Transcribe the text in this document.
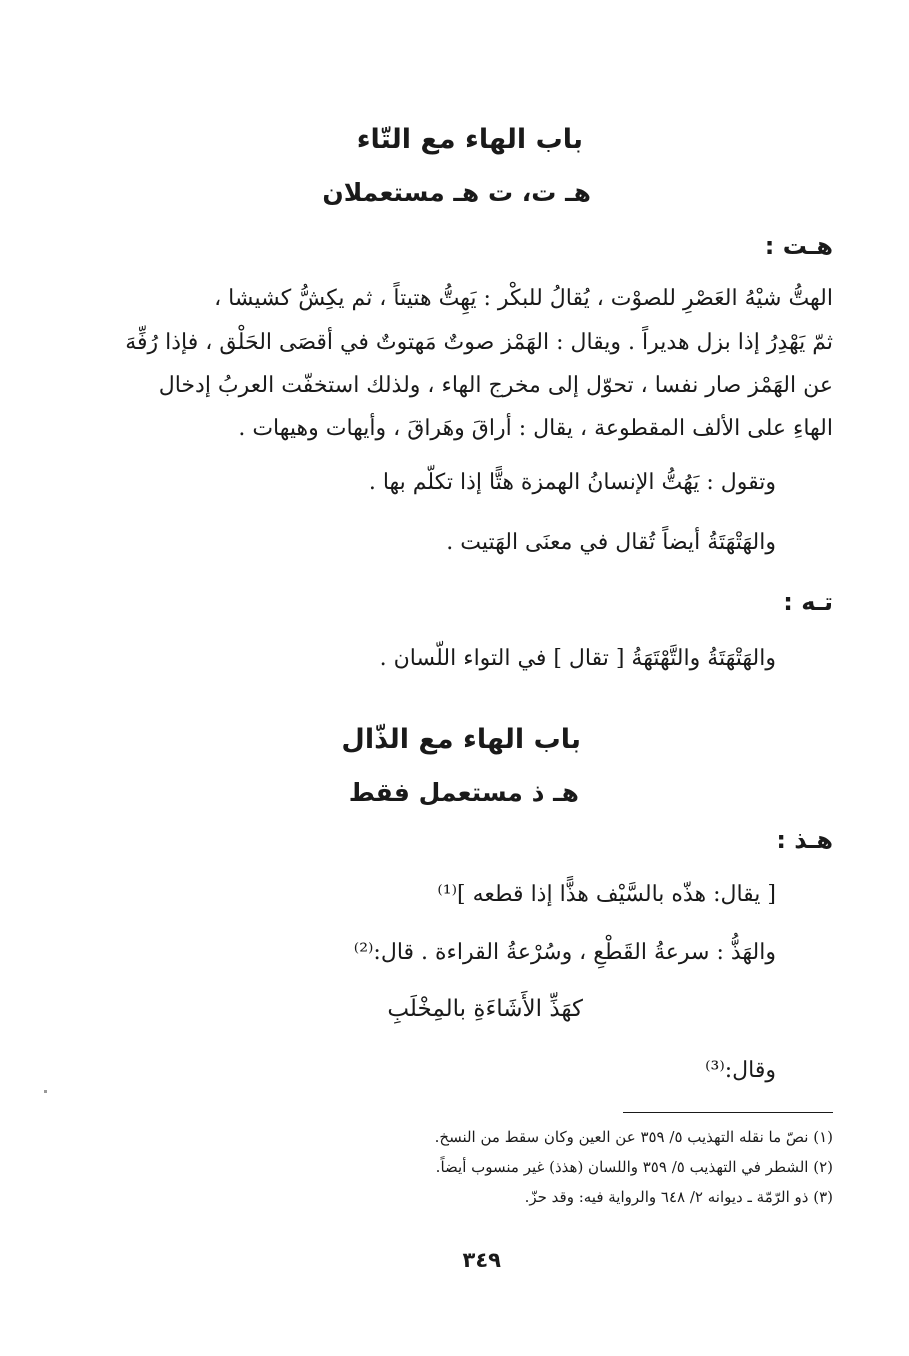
باب الهاء مع التّاء
هـ ت، ت هـ مستعملان
هـت :
الهتُّ شيْهُ العَصْرِ للصوْت ، يُقالُ للبكْر : يَهِتُّ هتيتاً ، ثم يكِشُّ كشيشا ،
ثمّ يَهْدِرُ إذا بزل هديراً . ويقال : الهَمْز صوتٌ مَهتوتٌ في أقصَى الحَلْق ، فإذا رُفِّهَ
عن الهَمْز صار نفسا ، تحوّل إلى مخرج الهاء ، ولذلك استخفّت العربُ إدخال
الهاءِ على الألف المقطوعة ، يقال : أراقَ وهَراقَ ، وأيهات وهيهات .
وتقول : يَهُتُّ الإنسانُ الهمزة هتًّا إذا تكلّم بها .
والهَتْهَتَةُ أيضاً تُقال في معنَى الهَتيت .
تـه :
والهَتْهَتَةُ والتَّهْتَهَةُ [ تقال ] في التواء اللّسان .
باب الهاء مع الذّال
هـ ذ مستعمل فقط
هـذ :
[ يقال: هذّه بالسَّيْف هذًّا إذا قطعه ]⁽¹⁾
والهَذُّ : سرعةُ القَطْعِ ، وسُرْعةُ القراءة . قال:⁽²⁾
كهَذِّ الأَشَاءَةِ بالمِخْلَبِ
وقال:⁽³⁾
(١) نصّ ما نقله التهذيب ٥/ ٣٥٩ عن العين وكان سقط من النسخ.
(٢) الشطر في التهذيب ٥/ ٣٥٩ واللسان (هذذ) غير منسوب أيضاً.
(٣) ذو الرّمّة ـ ديوانه ٢/ ٦٤٨ والرواية فيه: وقد حزّ.
٣٤٩
